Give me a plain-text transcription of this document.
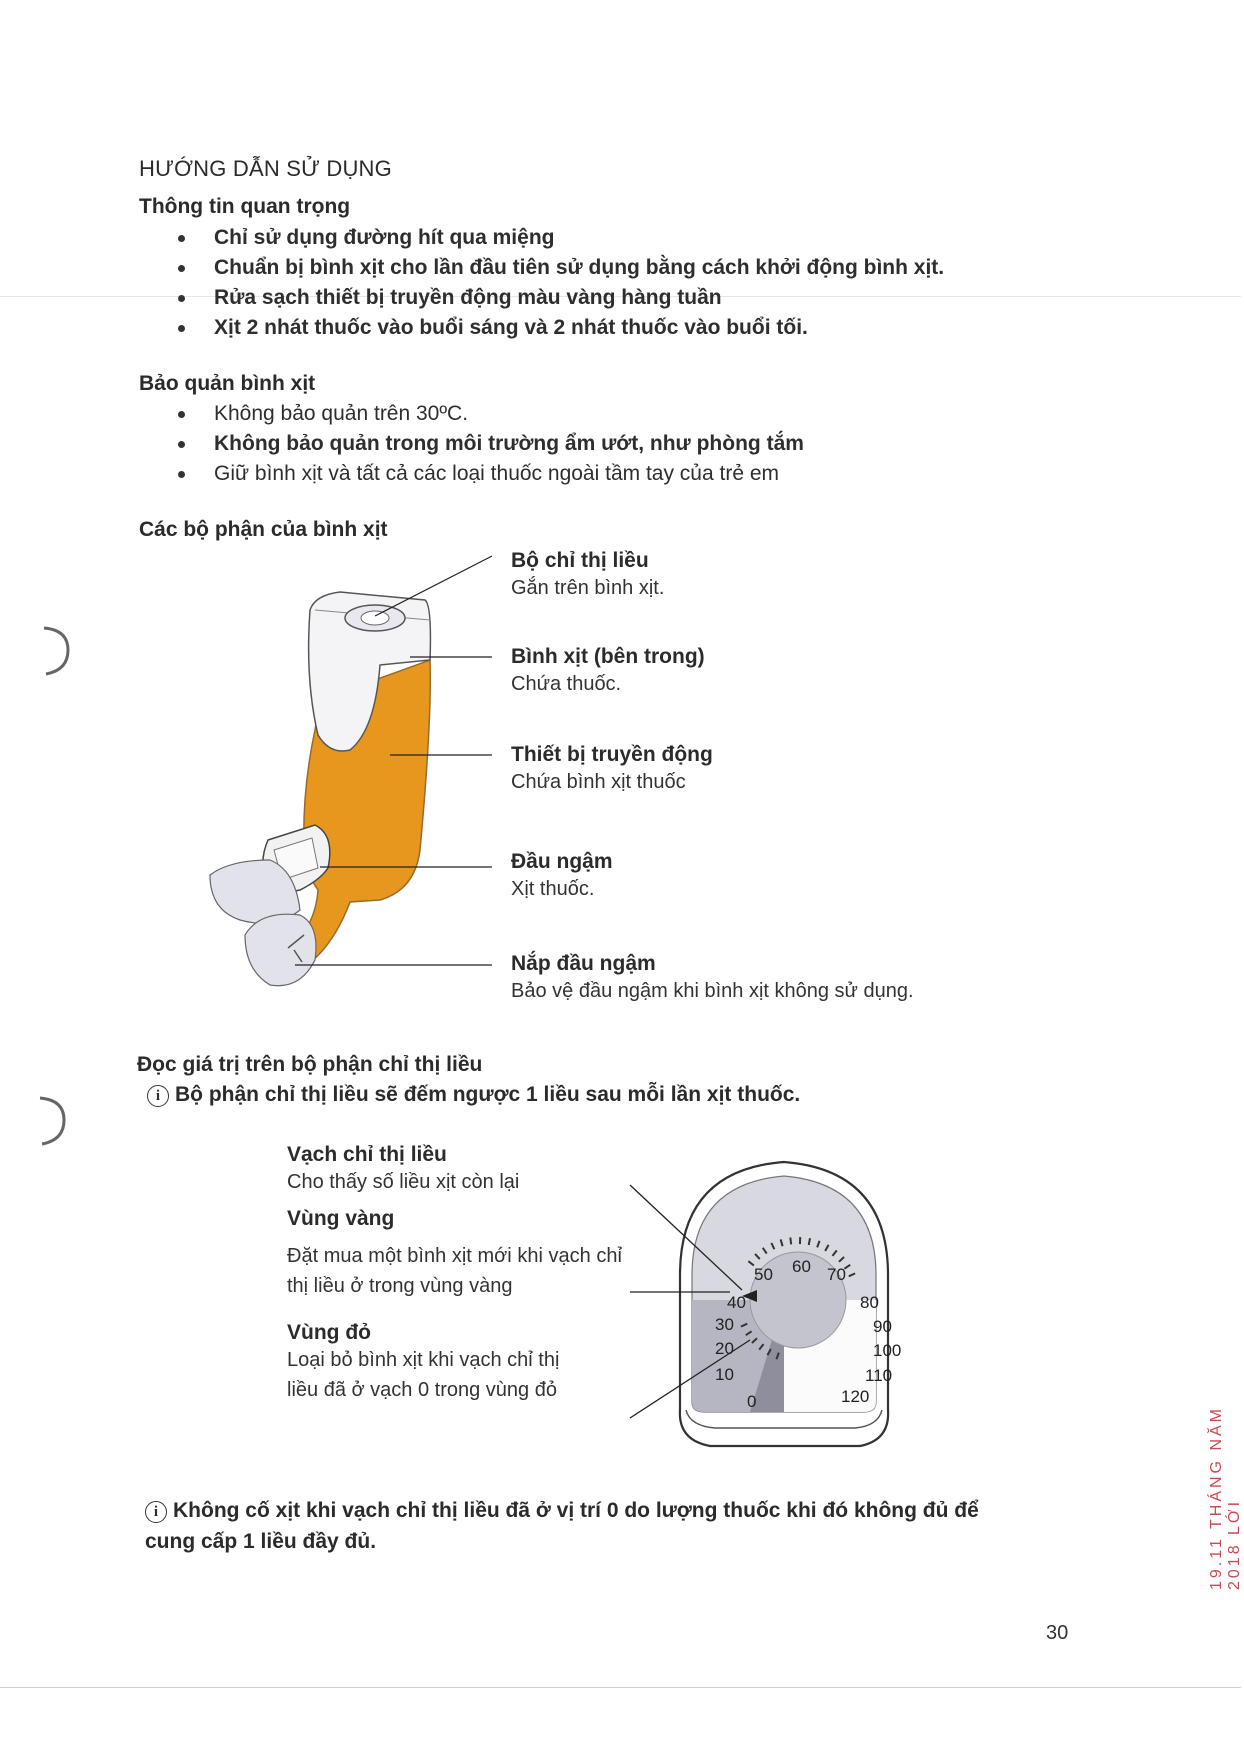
HƯỚNG DẪN SỬ DỤNG
Thông tin quan trọng
Chỉ sử dụng đường hít qua miệng
Chuẩn bị bình xịt cho lần đầu tiên sử dụng bằng cách khởi động bình xịt.
Rửa sạch thiết bị truyền động màu vàng hàng tuần
Xịt 2 nhát thuốc vào buổi sáng và 2 nhát thuốc vào buổi tối.
Bảo quản bình xịt
Không bảo quản trên 30ºC.
Không bảo quản trong môi trường ẩm ướt, như phòng tắm
Giữ bình xịt và tất cả các loại thuốc ngoài tầm tay của trẻ em
Các bộ phận của bình xịt
Bộ chỉ thị liều
Gắn trên bình xịt.
Bình xịt (bên trong)
Chứa thuốc.
Thiết bị truyền động
Chứa bình xịt thuốc
Đầu ngậm
Xịt thuốc.
Nắp đầu ngậm
Bảo vệ đầu ngậm khi bình xịt không sử dụng.
Đọc giá trị trên bộ phận chỉ thị liều
i Bộ phận chỉ thị liều sẽ đếm ngược 1 liều sau mỗi lần xịt thuốc.
Vạch chỉ thị liều
Cho thấy số liều xịt còn lại
Vùng vàng
Đặt mua một bình xịt mới khi vạch chỉ thị liều ở trong vùng vàng
Vùng đỏ
Loại bỏ bình xịt khi vạch chỉ thị
liều đã ở vạch 0 trong vùng đỏ
0
10
20
30
40
50 60 70
80
90
100
110
120
i Không cố xịt khi vạch chỉ thị liều đã ở vị trí 0 do lượng thuốc khi đó không đủ để
cung cấp 1 liều đầy đủ.
30
19.11 THÁNG NĂM 2018 LỚI
